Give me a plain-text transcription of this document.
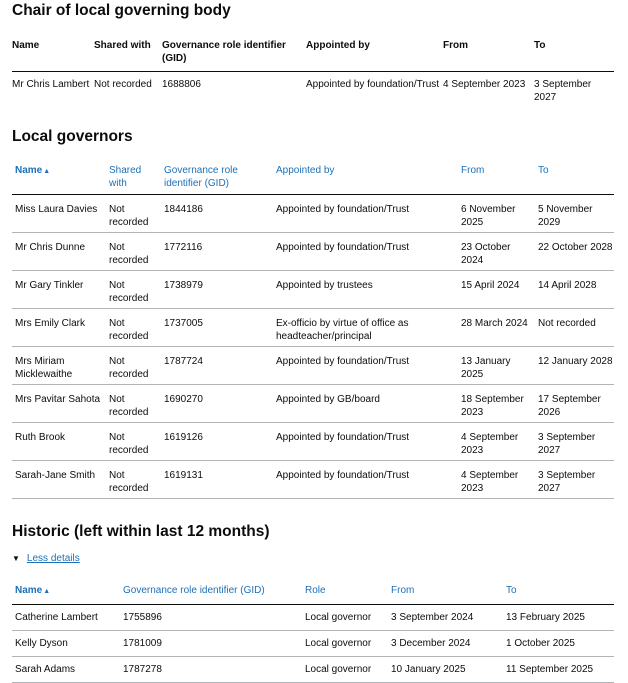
Chair of local governing body
Name	Shared with	Governance role identifier (GID)	Appointed by	From	To
Mr Chris Lambert	Not recorded	1688806	Appointed by foundation/Trust	4 September 2023	3 September 2027
Local governors
Name▲	Shared with	Governance role identifier (GID)	Appointed by	From	To
Miss Laura Davies	Not recorded	1844186	Appointed by foundation/Trust	6 November 2025	5 November 2029
Mr Chris Dunne	Not recorded	1772116	Appointed by foundation/Trust	23 October 2024	22 October 2028
Mr Gary Tinkler	Not recorded	1738979	Appointed by trustees	15 April 2024	14 April 2028
Mrs Emily Clark	Not recorded	1737005	Ex-officio by virtue of office as headteacher/principal	28 March 2024	Not recorded
Mrs Miriam Micklewaithe	Not recorded	1787724	Appointed by foundation/Trust	13 January 2025	12 January 2028
Mrs Pavitar Sahota	Not recorded	1690270	Appointed by GB/board	18 September 2023	17 September 2026
Ruth Brook	Not recorded	1619126	Appointed by foundation/Trust	4 September 2023	3 September 2027
Sarah-Jane Smith	Not recorded	1619131	Appointed by foundation/Trust	4 September 2023	3 September 2027
Historic (left within last 12 months)
▼ Less details
Name▲	Governance role identifier (GID)	Role	From	To
Catherine Lambert	1755896	Local governor	3 September 2024	13 February 2025
Kelly Dyson	1781009	Local governor	3 December 2024	1 October 2025
Sarah Adams	1787278	Local governor	10 January 2025	11 September 2025
